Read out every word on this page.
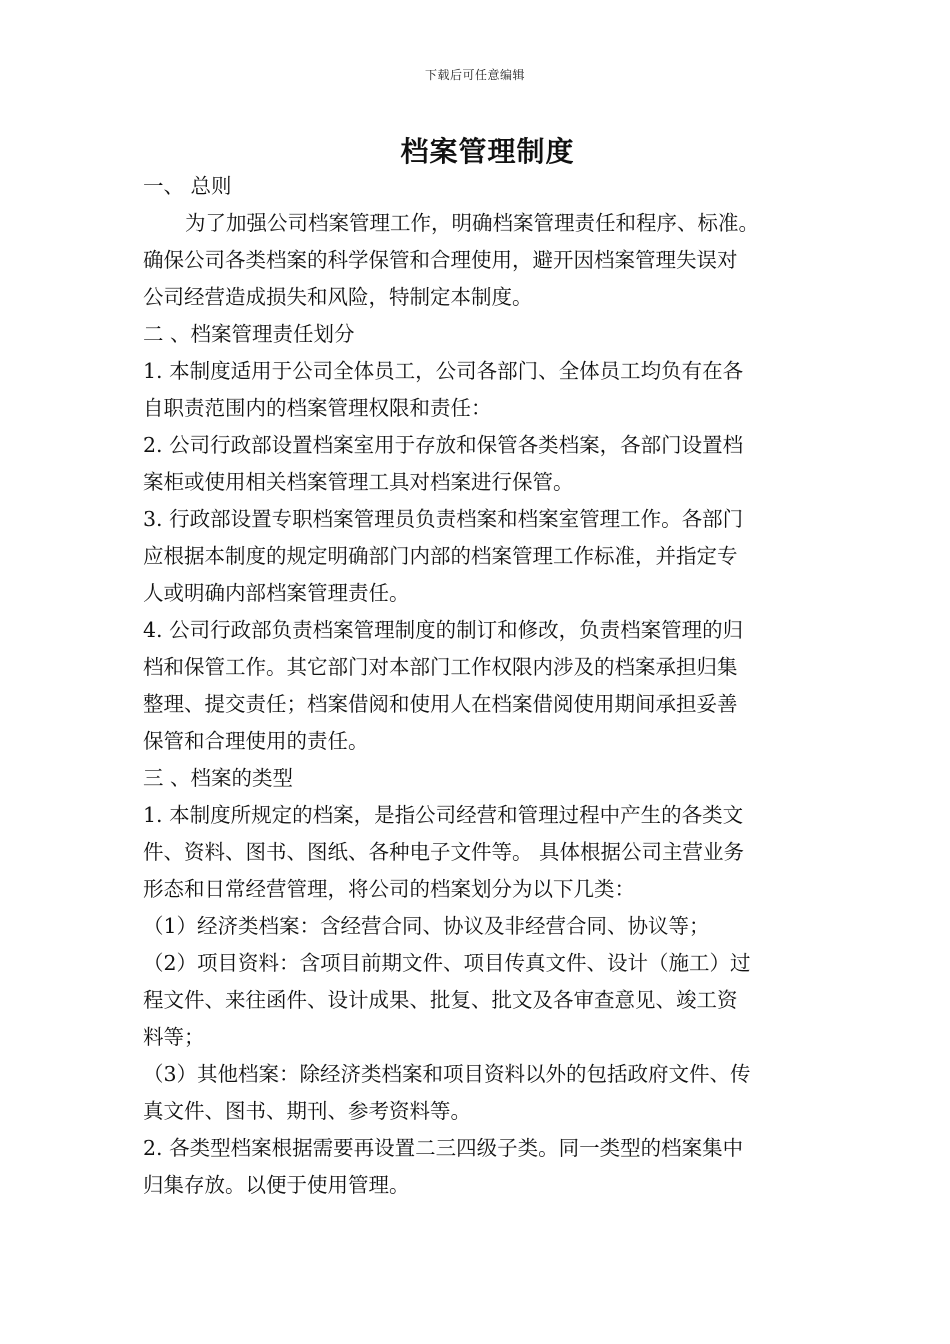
下载后可任意编辑
档案管理制度
一、 总则
为了加强公司档案管理工作，明确档案管理责任和程序、标准。
确保公司各类档案的科学保管和合理使用，避开因档案管理失误对
公司经营造成损失和风险，特制定本制度。
二 、档案管理责任划分
1. 本制度适用于公司全体员工，公司各部门、全体员工均负有在各
自职责范围内的档案管理权限和责任：
2. 公司行政部设置档案室用于存放和保管各类档案，各部门设置档
案柜或使用相关档案管理工具对档案进行保管。
3. 行政部设置专职档案管理员负责档案和档案室管理工作。各部门
应根据本制度的规定明确部门内部的档案管理工作标准，并指定专
人或明确内部档案管理责任。
4. 公司行政部负责档案管理制度的制订和修改，负责档案管理的归
档和保管工作。其它部门对本部门工作权限内涉及的档案承担归集
整理、提交责任；档案借阅和使用人在档案借阅使用期间承担妥善
保管和合理使用的责任。
三 、档案的类型
1. 本制度所规定的档案，是指公司经营和管理过程中产生的各类文
件、资料、图书、图纸、各种电子文件等。 具体根据公司主营业务
形态和日常经营管理，将公司的档案划分为以下几类：
（1）经济类档案：含经营合同、协议及非经营合同、协议等；
（2）项目资料：含项目前期文件、项目传真文件、设计（施工）过
程文件、来往函件、设计成果、批复、批文及各审查意见、竣工资
料等；
（3）其他档案：除经济类档案和项目资料以外的包括政府文件、传
真文件、图书、期刊、参考资料等。
2. 各类型档案根据需要再设置二三四级子类。同一类型的档案集中
归集存放。以便于使用管理。
